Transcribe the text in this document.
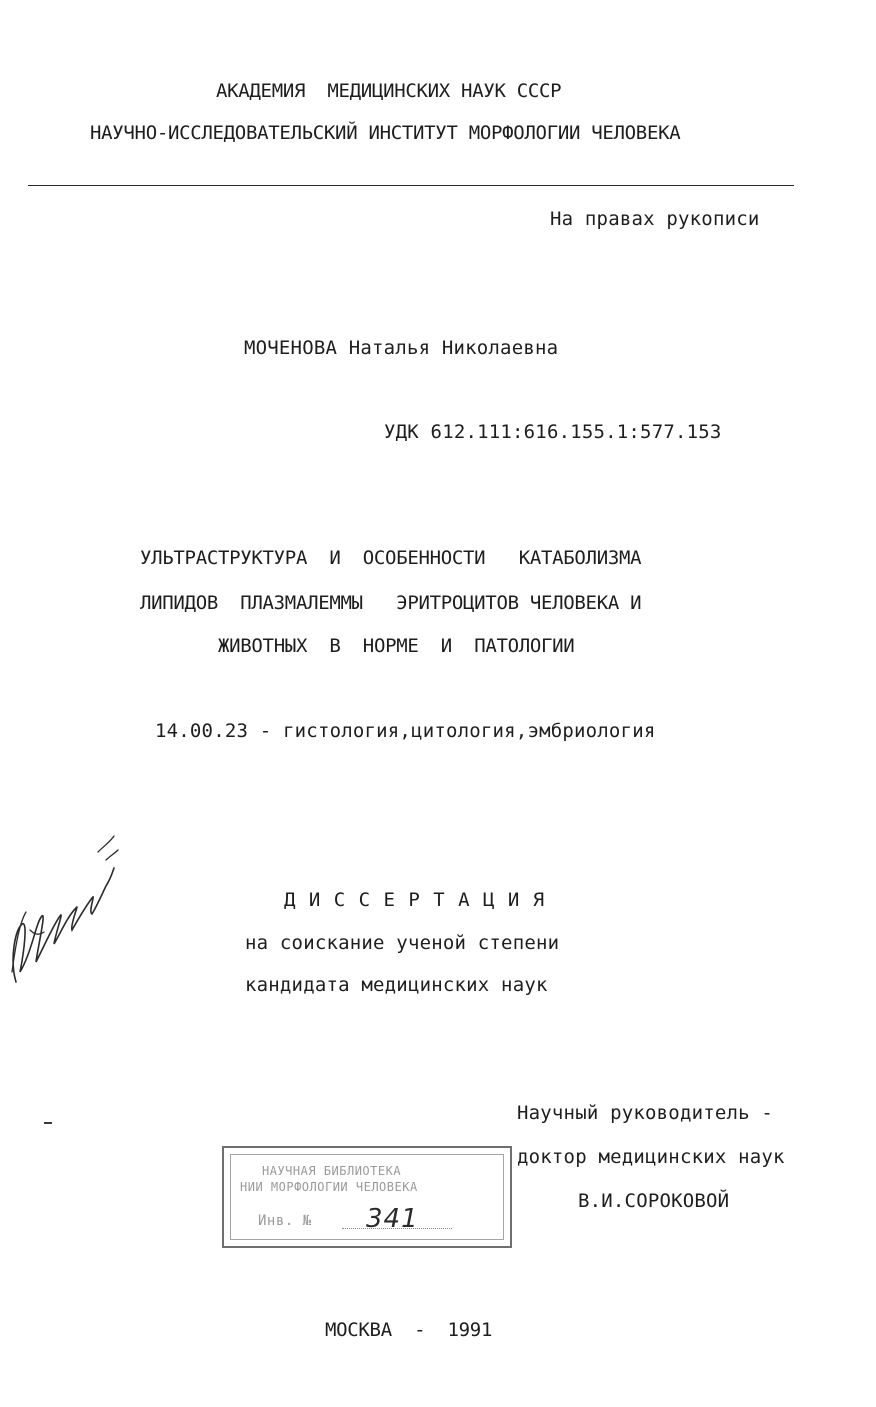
АКАДЕМИЯ  МЕДИЦИНСКИХ НАУК СССР

НАУЧНО-ИССЛЕДОВАТЕЛЬСКИЙ ИНСТИТУТ МОРФОЛОГИИ ЧЕЛОВЕКА

На правах рукописи

МОЧЕНОВА Наталья Николаевна

УДК 612.111:616.155.1:577.153

УЛЬТРАСТРУКТУРА  И  ОСОБЕННОСТИ   КАТАБОЛИЗМА

ЛИПИДОВ  ПЛАЗМАЛЕММЫ   ЭРИТРОЦИТОВ ЧЕЛОВЕКА И

ЖИВОТНЫХ  В  НОРМЕ  И  ПАТОЛОГИИ

14.00.23 - гистология,цитология,эмбриология

Д И С С Е Р Т А Ц И Я

на соискание ученой степени

кандидата медицинских наук

Научный руководитель -

доктор медицинских наук

В.И.СОРОКОВОЙ

НАУЧНАЯ БИБЛИОТЕКА
НИИ МОРФОЛОГИИ ЧЕЛОВЕКА
Инв. № 341

МОСКВА  -  1991
